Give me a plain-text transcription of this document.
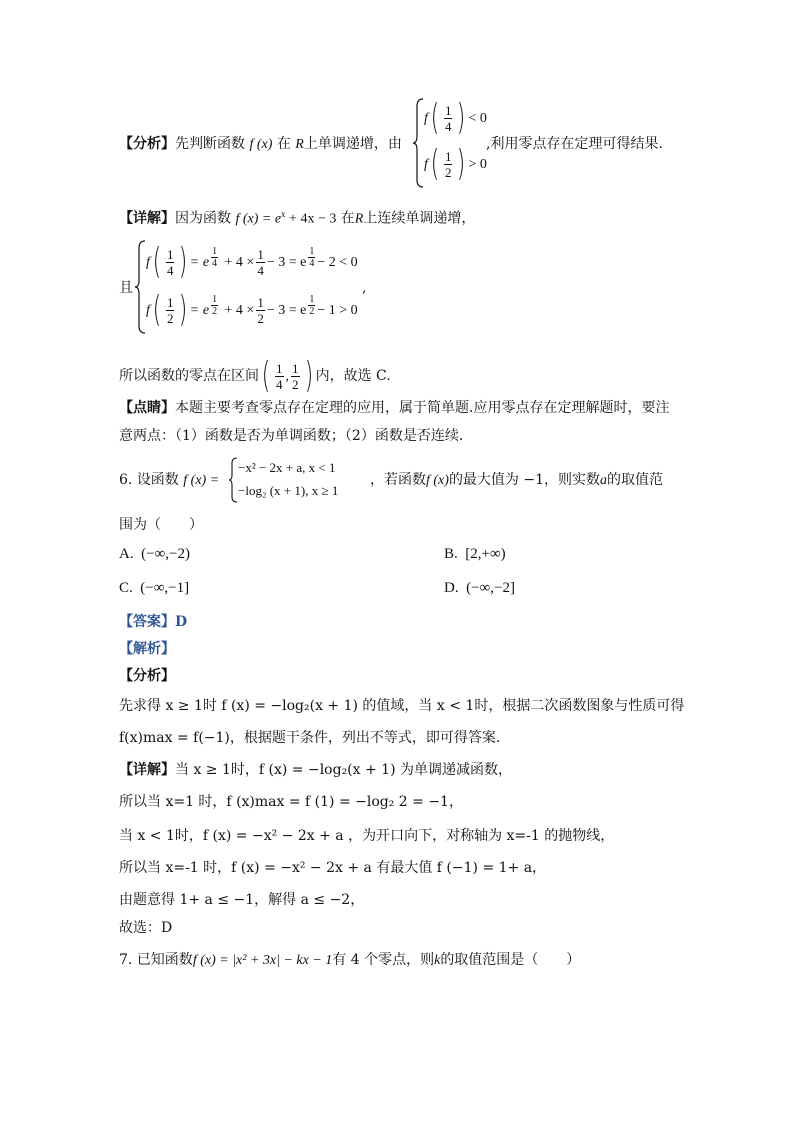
【分析】先判断函数 f (x) 在 R上单调递增，由
$f( \frac{1}{4}$ ) < 0
$f( \frac{1}{2}$ ) > 0
,利用零点存在定理可得结果.
【详解】因为函数 f $(x) = e^x + 4x - 3$ 在R上连续单调递增，
且
$f( \frac{1}{4}$ ) = e $^{\frac{1}{4}} + 4 \times \frac{1}{4} - 3 = e$ $^{\frac{1}{4}}$ − 2 < 0
$f( \frac{1}{2}$ ) = e $^{\frac{1}{2}} + 4 \times \frac{1}{2} - 3 = e$ $^{\frac{1}{2}}$ − 1 > 0
,
所以函数的零点在区间( $\frac{1}{4}$ , $\frac{1}{2}$ ) 内，故选 C.
【点睛】本题主要考查零点存在定理的应用，属于简单题.应用零点存在定理解题时，要注
意两点：（1）函数是否为单调函数；（2）函数是否连续.
6. 设函数 f (x) =
−x² − 2x + a, x < 1
−log₂ (x + 1), x ≥ 1
，若函数f (x)的最大值为 −1，则实数a的取值范
围为（　　）
A. (−∞,−2)	B. [2,+∞)
C. (−∞,−1]	D. (−∞,−2]
【答案】D
【解析】
【分析】
先求得 x ≥ 1时 f (x) = −log₂(x + 1) 的值域，当 x < 1时，根据二次函数图象与性质可得
f(x)max = f(−1)，根据题干条件，列出不等式，即可得答案.
【详解】当 x ≥ 1时，f (x) = −log₂(x + 1) 为单调递减函数，
所以当 x=1 时，f (x)max = f (1) = −log₂ 2 = −1，
当 x < 1时，f (x) = −x² − 2x + a ，为开口向下，对称轴为 x=-1 的抛物线，
所以当 x=-1 时，f (x) = −x² − 2x + a 有最大值 f (−1) = 1+ a，
由题意得 1+ a ≤ −1，解得 a ≤ −2，
故选：D
7. 已知函数f (x) = |x² + 3x| − kx − 1有 4 个零点，则k的取值范围是（　　）
